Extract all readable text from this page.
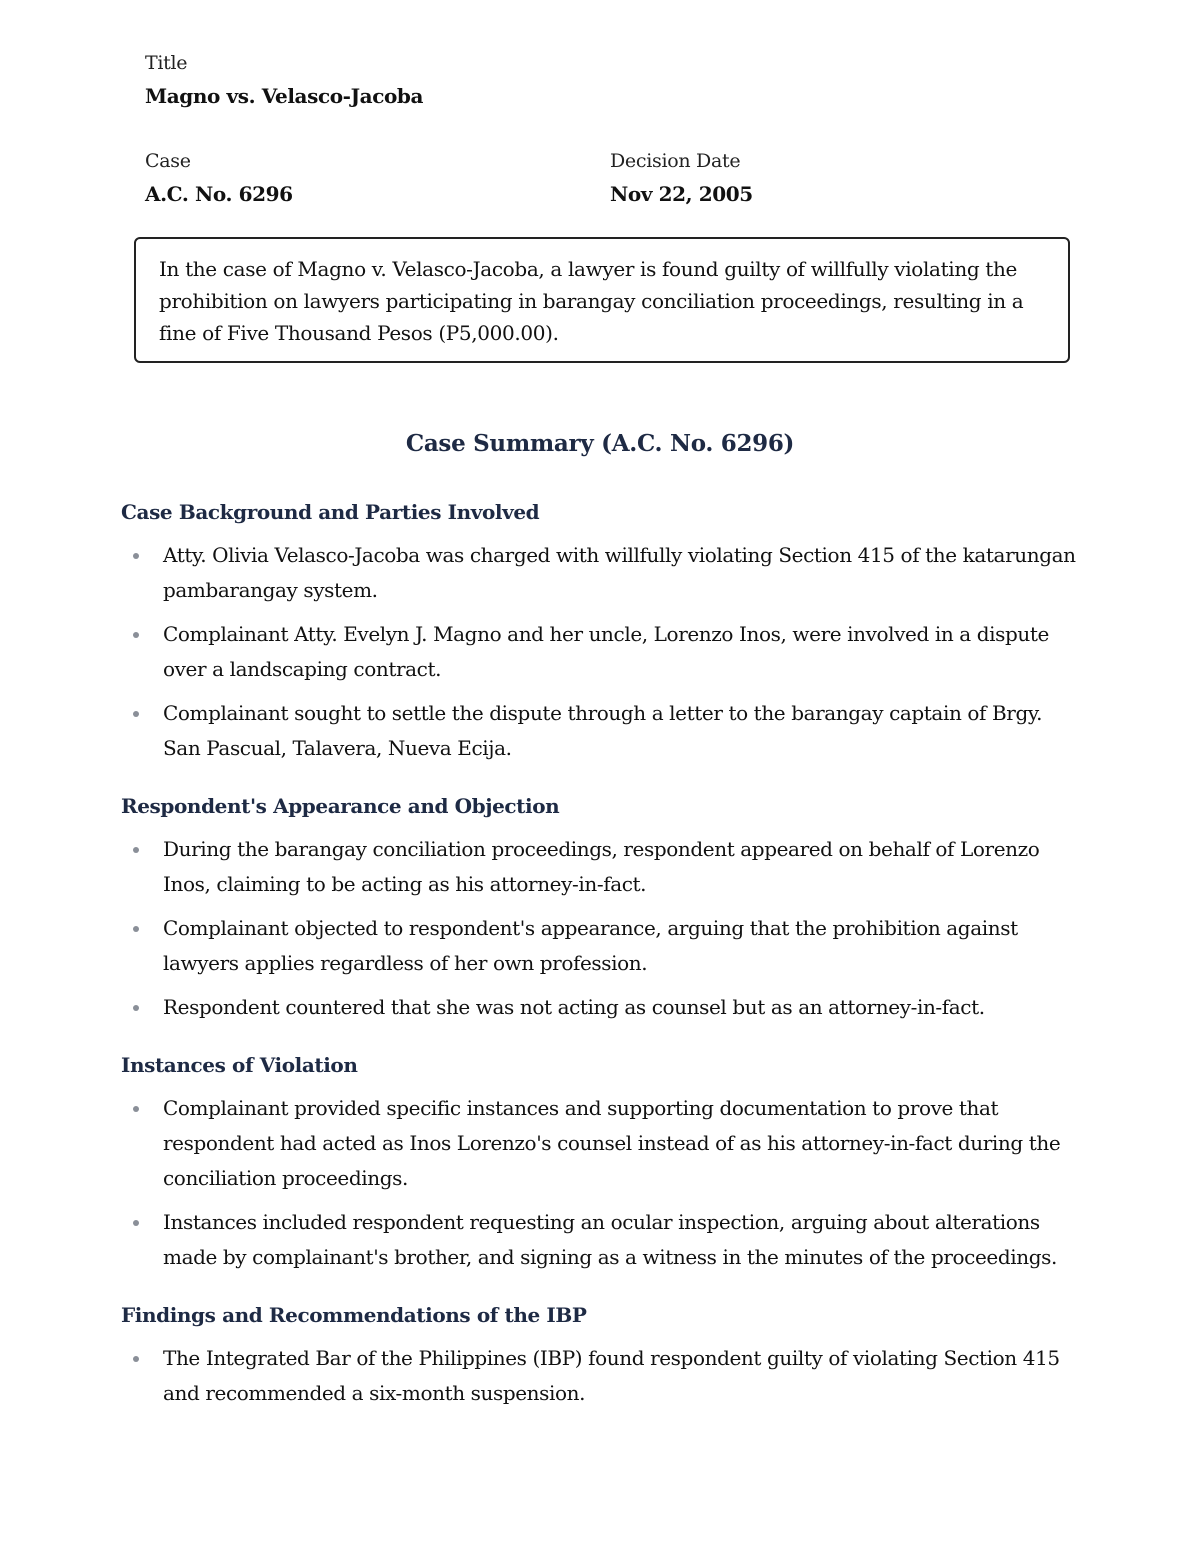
Title
Magno vs. Velasco-Jacoba
Case
A.C. No. 6296
Decision Date
Nov 22, 2005
In the case of Magno v. Velasco-Jacoba, a lawyer is found guilty of willfully violating the prohibition on lawyers participating in barangay conciliation proceedings, resulting in a fine of Five Thousand Pesos (P5,000.00).
Case Summary (A.C. No. 6296)
Case Background and Parties Involved
Atty. Olivia Velasco-Jacoba was charged with willfully violating Section 415 of the katarungan pambarangay system.
Complainant Atty. Evelyn J. Magno and her uncle, Lorenzo Inos, were involved in a dispute over a landscaping contract.
Complainant sought to settle the dispute through a letter to the barangay captain of Brgy. San Pascual, Talavera, Nueva Ecija.
Respondent's Appearance and Objection
During the barangay conciliation proceedings, respondent appeared on behalf of Lorenzo Inos, claiming to be acting as his attorney-in-fact.
Complainant objected to respondent's appearance, arguing that the prohibition against lawyers applies regardless of her own profession.
Respondent countered that she was not acting as counsel but as an attorney-in-fact.
Instances of Violation
Complainant provided specific instances and supporting documentation to prove that respondent had acted as Inos Lorenzo's counsel instead of as his attorney-in-fact during the conciliation proceedings.
Instances included respondent requesting an ocular inspection, arguing about alterations made by complainant's brother, and signing as a witness in the minutes of the proceedings.
Findings and Recommendations of the IBP
The Integrated Bar of the Philippines (IBP) found respondent guilty of violating Section 415 and recommended a six-month suspension.
